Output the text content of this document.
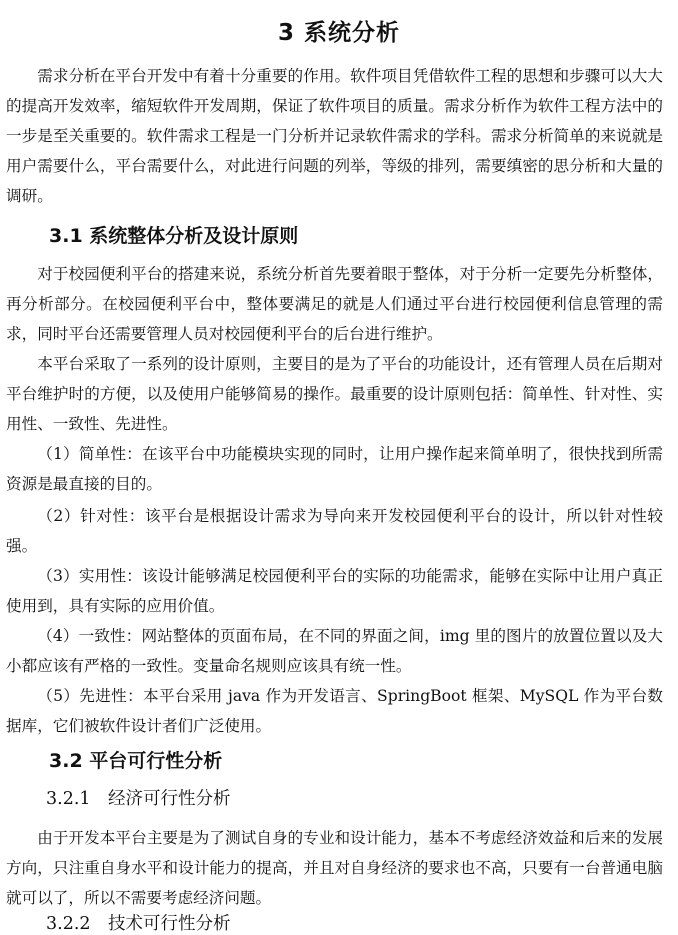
3 系统分析

需求分析在平台开发中有着十分重要的作用。软件项目凭借软件工程的思想和步骤可以大大的提高开发效率，缩短软件开发周期，保证了软件项目的质量。需求分析作为软件工程方法中的一步是至关重要的。软件需求工程是一门分析并记录软件需求的学科。需求分析简单的来说就是用户需要什么，平台需要什么，对此进行问题的列举，等级的排列，需要缜密的思分析和大量的调研。

3.1 系统整体分析及设计原则

对于校园便利平台的搭建来说，系统分析首先要着眼于整体，对于分析一定要先分析整体，再分析部分。在校园便利平台中，整体要满足的就是人们通过平台进行校园便利信息管理的需求，同时平台还需要管理人员对校园便利平台的后台进行维护。

本平台采取了一系列的设计原则，主要目的是为了平台的功能设计，还有管理人员在后期对平台维护时的方便，以及使用户能够简易的操作。最重要的设计原则包括：简单性、针对性、实用性、一致性、先进性。

（1）简单性：在该平台中功能模块实现的同时，让用户操作起来简单明了，很快找到所需资源是最直接的目的。

（2）针对性：该平台是根据设计需求为导向来开发校园便利平台的设计，所以针对性较强。

（3）实用性：该设计能够满足校园便利平台的实际的功能需求，能够在实际中让用户真正使用到，具有实际的应用价值。

（4）一致性：网站整体的页面布局，在不同的界面之间，img 里的图片的放置位置以及大小都应该有严格的一致性。变量命名规则应该具有统一性。

（5）先进性：本平台采用 java 作为开发语言、SpringBoot 框架、MySQL 作为平台数据库，它们被软件设计者们广泛使用。

3.2 平台可行性分析
3.2.1 经济可行性分析

由于开发本平台主要是为了测试自身的专业和设计能力，基本不考虑经济效益和后来的发展方向，只注重自身水平和设计能力的提高，并且对自身经济的要求也不高，只要有一台普通电脑就可以了，所以不需要考虑经济问题。

3.2.2 技术可行性分析
